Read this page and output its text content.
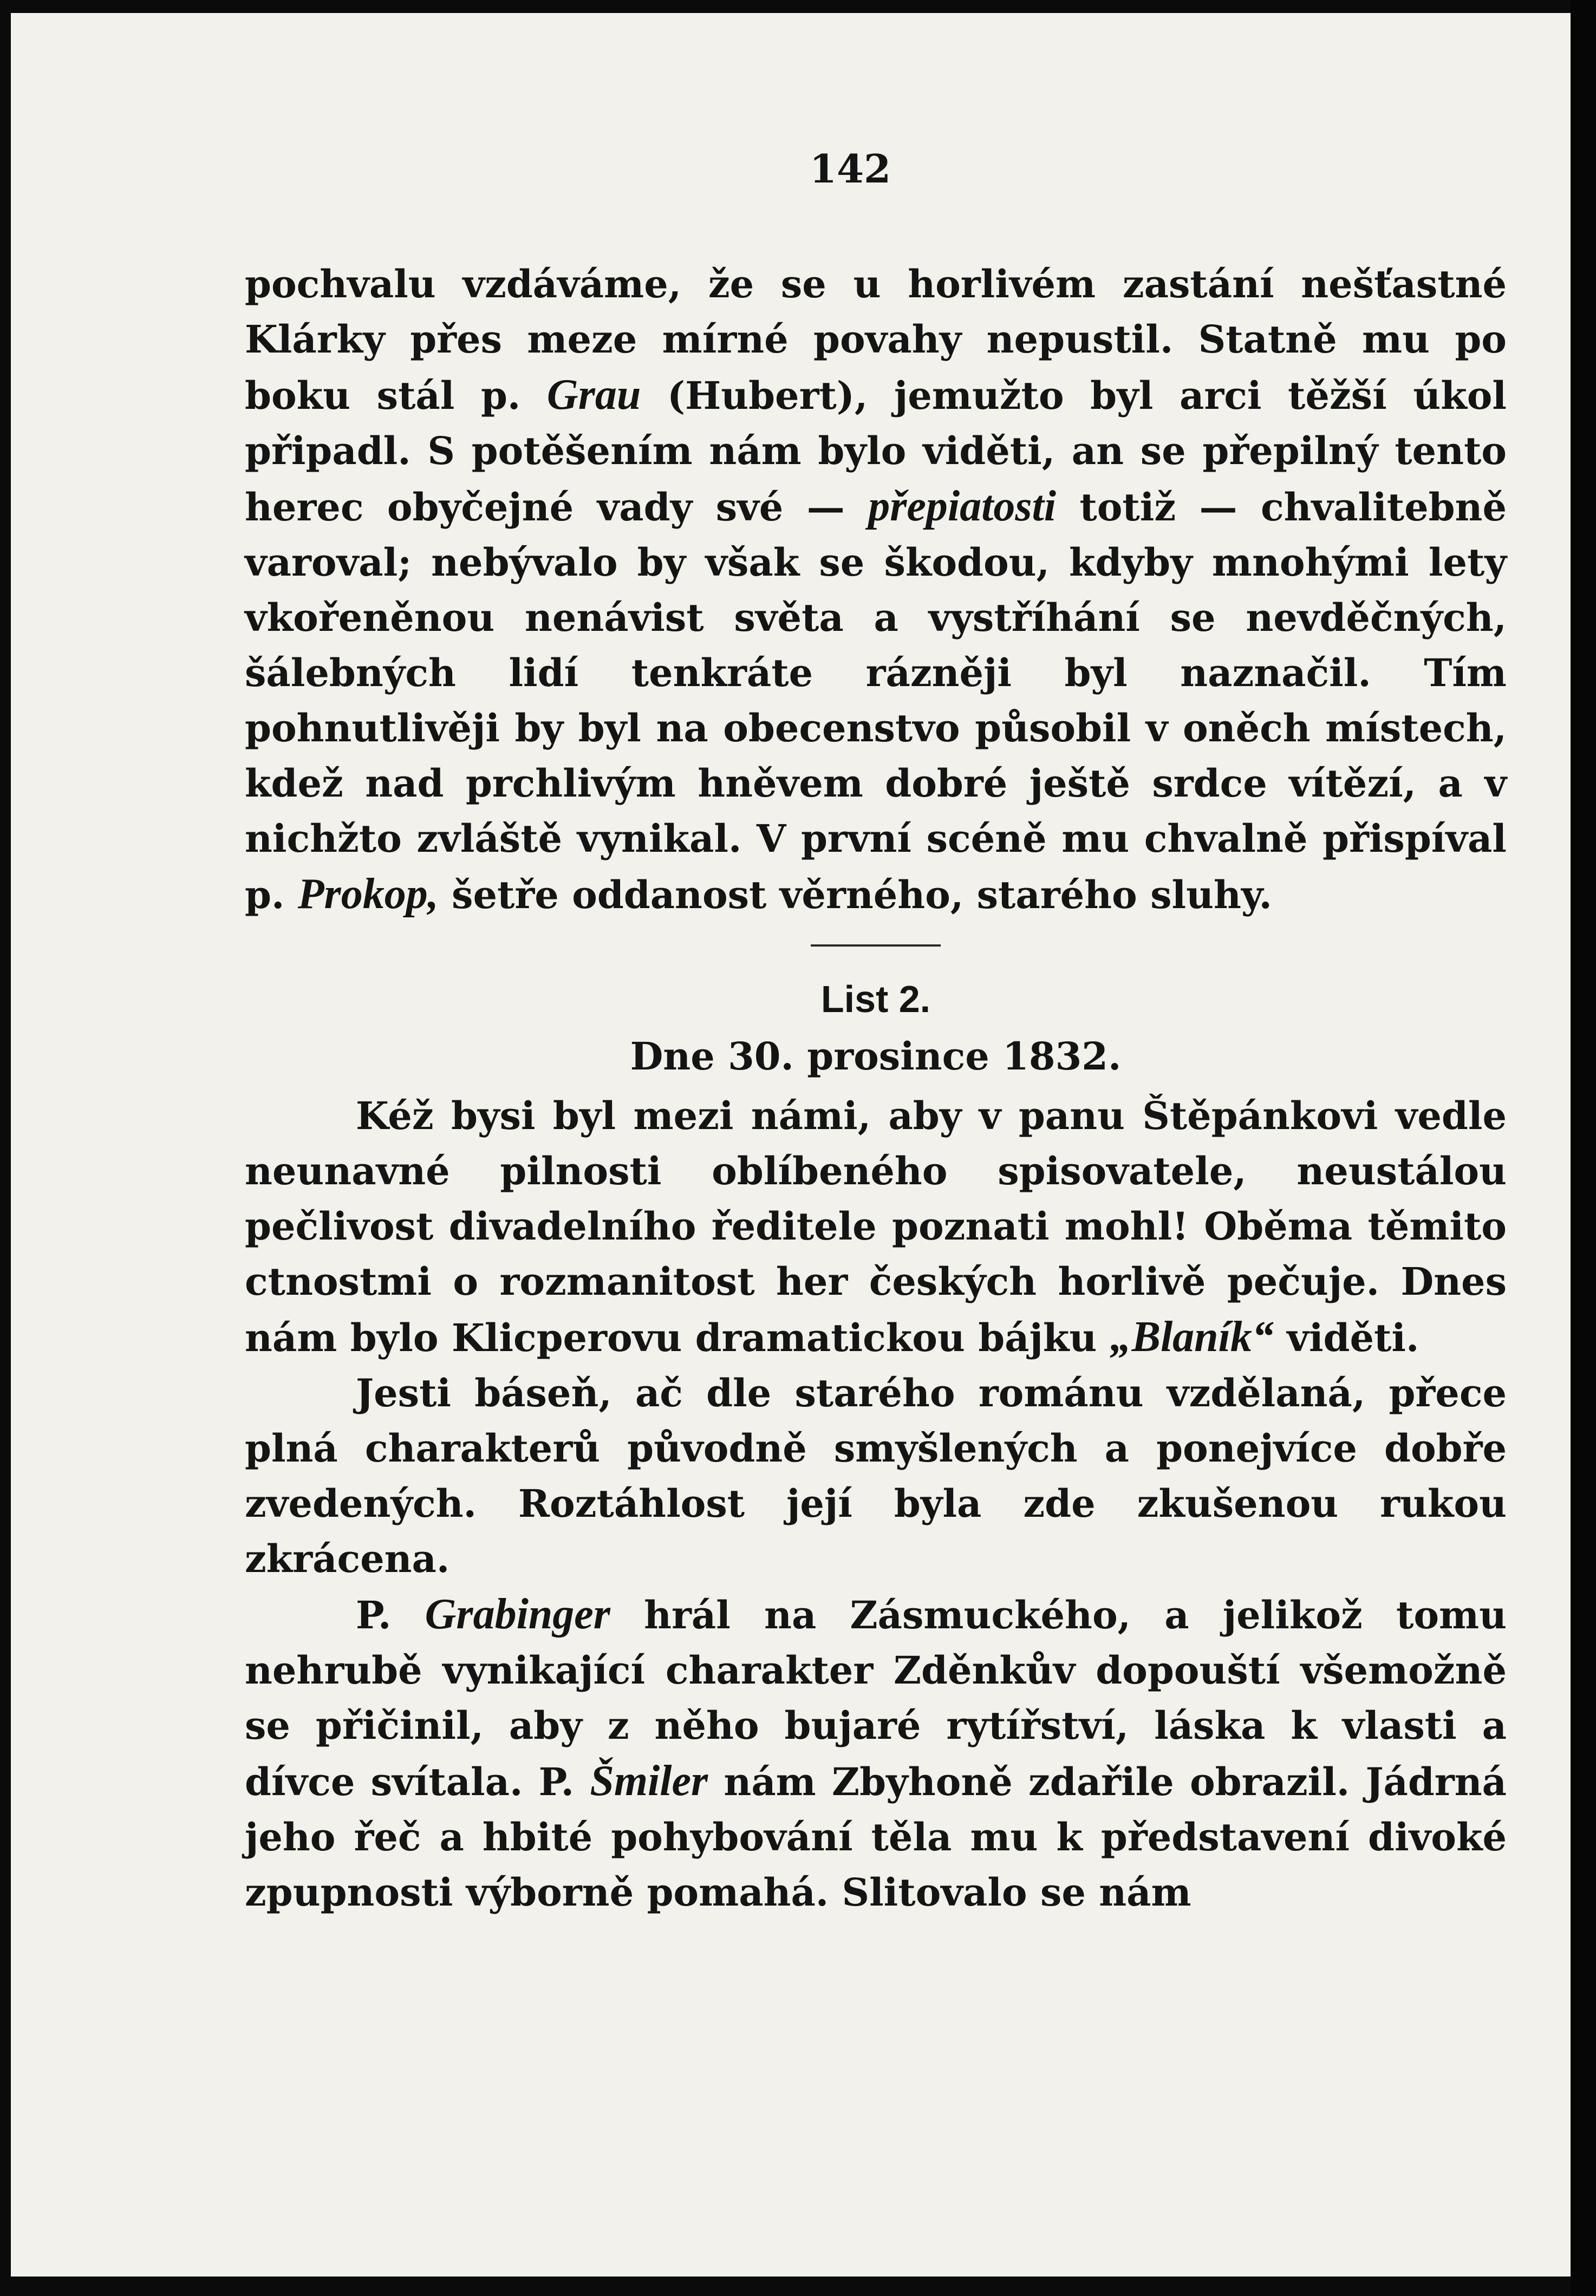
142

pochvalu vzdáváme, že se u horlivém zastání nešťastné Klárky přes meze mírné povahy nepustil. Statně mu po boku stál p. Grau (Hubert), jemužto byl arci těžší úkol připadl. S potěšením nám bylo viděti, an se přepilný tento herec obyčejné vady své — přepiatosti totiž — chvalitebně varoval; nebývalo by však se škodou, kdyby mnohými lety vkořeněnou nenávist světa a vystříhání se nevděčných, šálebných lidí tenkráte rázněji byl naznačil. Tím pohnutlivěji by byl na obecenstvo působil v oněch místech, kdež nad prchlivým hněvem dobré ještě srdce vítězí, a v nichžto zvláště vynikal. V první scéně mu chvalně přispíval p. Prokop, šetře oddanost věrného, starého sluhy.

List 2.
Dne 30. prosince 1832.

Kéž bysi byl mezi námi, aby v panu Štěpánkovi vedle neunavné pilnosti oblíbeného spisovatele, neustálou pečlivost divadelního ředitele poznati mohl! Oběma těmito ctnostmi o rozmanitost her českých horlivě pečuje. Dnes nám bylo Klicperovu dramatickou bájku „Blaník“ viděti.

Jesti báseň, ač dle starého románu vzdělaná, přece plná charakterů původně smyšlených a ponejvíce dobře zvedených. Roztáhlost její byla zde zkušenou rukou zkrácena.

P. Grabinger hrál na Zásmuckého, a jelikož tomu nehrubě vynikající charakter Zděnkův dopouští všemožně se přičinil, aby z něho bujaré rytířství, láska k vlasti a dívce svítala. P. Šmiler nám Zbyhoně zdařile obrazil. Jádrná jeho řeč a hbité pohybování těla mu k představení divoké zpupnosti výborně pomahá. Slitovalo se nám
